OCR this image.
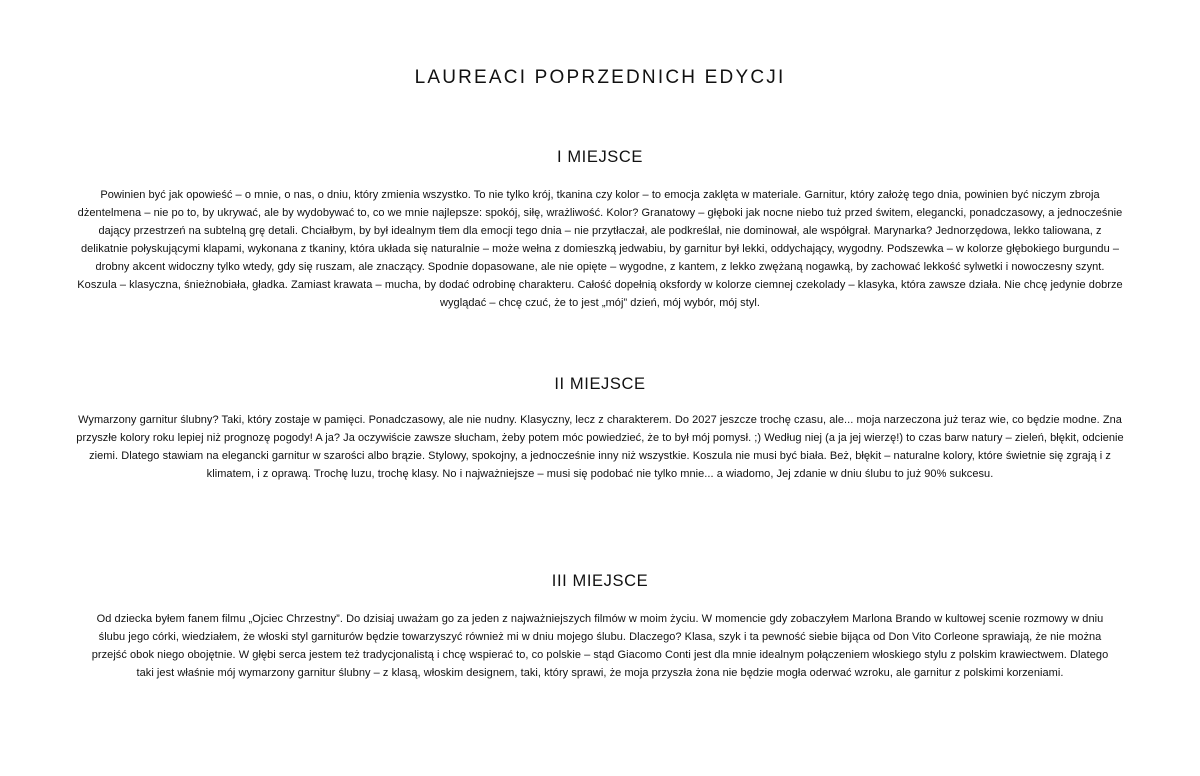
LAUREACI POPRZEDNICH EDYCJI
I MIEJSCE

Powinien być jak opowieść – o mnie, o nas, o dniu, który zmienia wszystko. To nie tylko krój, tkanina czy kolor – to emocja zaklęta w materiale. Garnitur, który założę tego dnia, powinien być niczym zbroja dżentelmena – nie po to, by ukrywać, ale by wydobywać to, co we mnie najlepsze: spokój, siłę, wrażliwość. Kolor? Granatowy – głęboki jak nocne niebo tuż przed świtem, elegancki, ponadczasowy, a jednocześnie dający przestrzeń na subtelną grę detali. Chciałbym, by był idealnym tłem dla emocji tego dnia – nie przytłaczał, ale podkreślał, nie dominował, ale współgrał. Marynarka? Jednorzędowa, lekko taliowana, z delikatnie połyskującymi klapami, wykonana z tkaniny, która układa się naturalnie – może wełna z domieszką jedwabiu, by garnitur był lekki, oddychający, wygodny. Podszewka – w kolorze głębokiego burgundu – drobny akcent widoczny tylko wtedy, gdy się ruszam, ale znaczący. Spodnie dopasowane, ale nie opięte – wygodne, z kantem, z lekko zwężaną nogawką, by zachować lekkość sylwetki i nowoczesny szynt. Koszula – klasyczna, śnieżnobiała, gładka. Zamiast krawata – mucha, by dodać odrobinę charakteru. Całość dopełnią oksfordy w kolorze ciemnej czekolady – klasyka, która zawsze działa. Nie chcę jedynie dobrze wyglądać – chcę czuć, że to jest „mój” dzień, mój wybór, mój styl.

II MIEJSCE

Wymarzony garnitur ślubny? Taki, który zostaje w pamięci. Ponadczasowy, ale nie nudny. Klasyczny, lecz z charakterem. Do 2027 jeszcze trochę czasu, ale... moja narzeczona już teraz wie, co będzie modne. Zna przyszłe kolory roku lepiej niż prognozę pogody! A ja? Ja oczywiście zawsze słucham, żeby potem móc powiedzieć, że to był mój pomysł. ;) Według niej (a ja jej wierzę!) to czas barw natury – zieleń, błękit, odcienie ziemi. Dlatego stawiam na elegancki garnitur w szarości albo brązie. Stylowy, spokojny, a jednocześnie inny niż wszystkie. Koszula nie musi być biała. Beż, błękit – naturalne kolory, które świetnie się zgrają i z klimatem, i z oprawą. Trochę luzu, trochę klasy. No i najważniejsze – musi się podobać nie tylko mnie... a wiadomo, Jej zdanie w dniu ślubu to już 90% sukcesu.

III MIEJSCE

Od dziecka byłem fanem filmu „Ojciec Chrzestny”. Do dzisiaj uważam go za jeden z najważniejszych filmów w moim życiu. W momencie gdy zobaczyłem Marlona Brando w kultowej scenie rozmowy w dniu ślubu jego córki, wiedziałem, że włoski styl garniturów będzie towarzyszyć również mi w dniu mojego ślubu. Dlaczego? Klasa, szyk i ta pewność siebie bijąca od Don Vito Corleone sprawiają, że nie można przejść obok niego obojętnie. W głębi serca jestem też tradycjonalistą i chcę wspierać to, co polskie – stąd Giacomo Conti jest dla mnie idealnym połączeniem włoskiego stylu z polskim krawiectwem. Dlatego taki jest właśnie mój wymarzony garnitur ślubny – z klasą, włoskim designem, taki, który sprawi, że moja przyszła żona nie będzie mogła oderwać wzroku, ale garnitur z polskimi korzeniami.
